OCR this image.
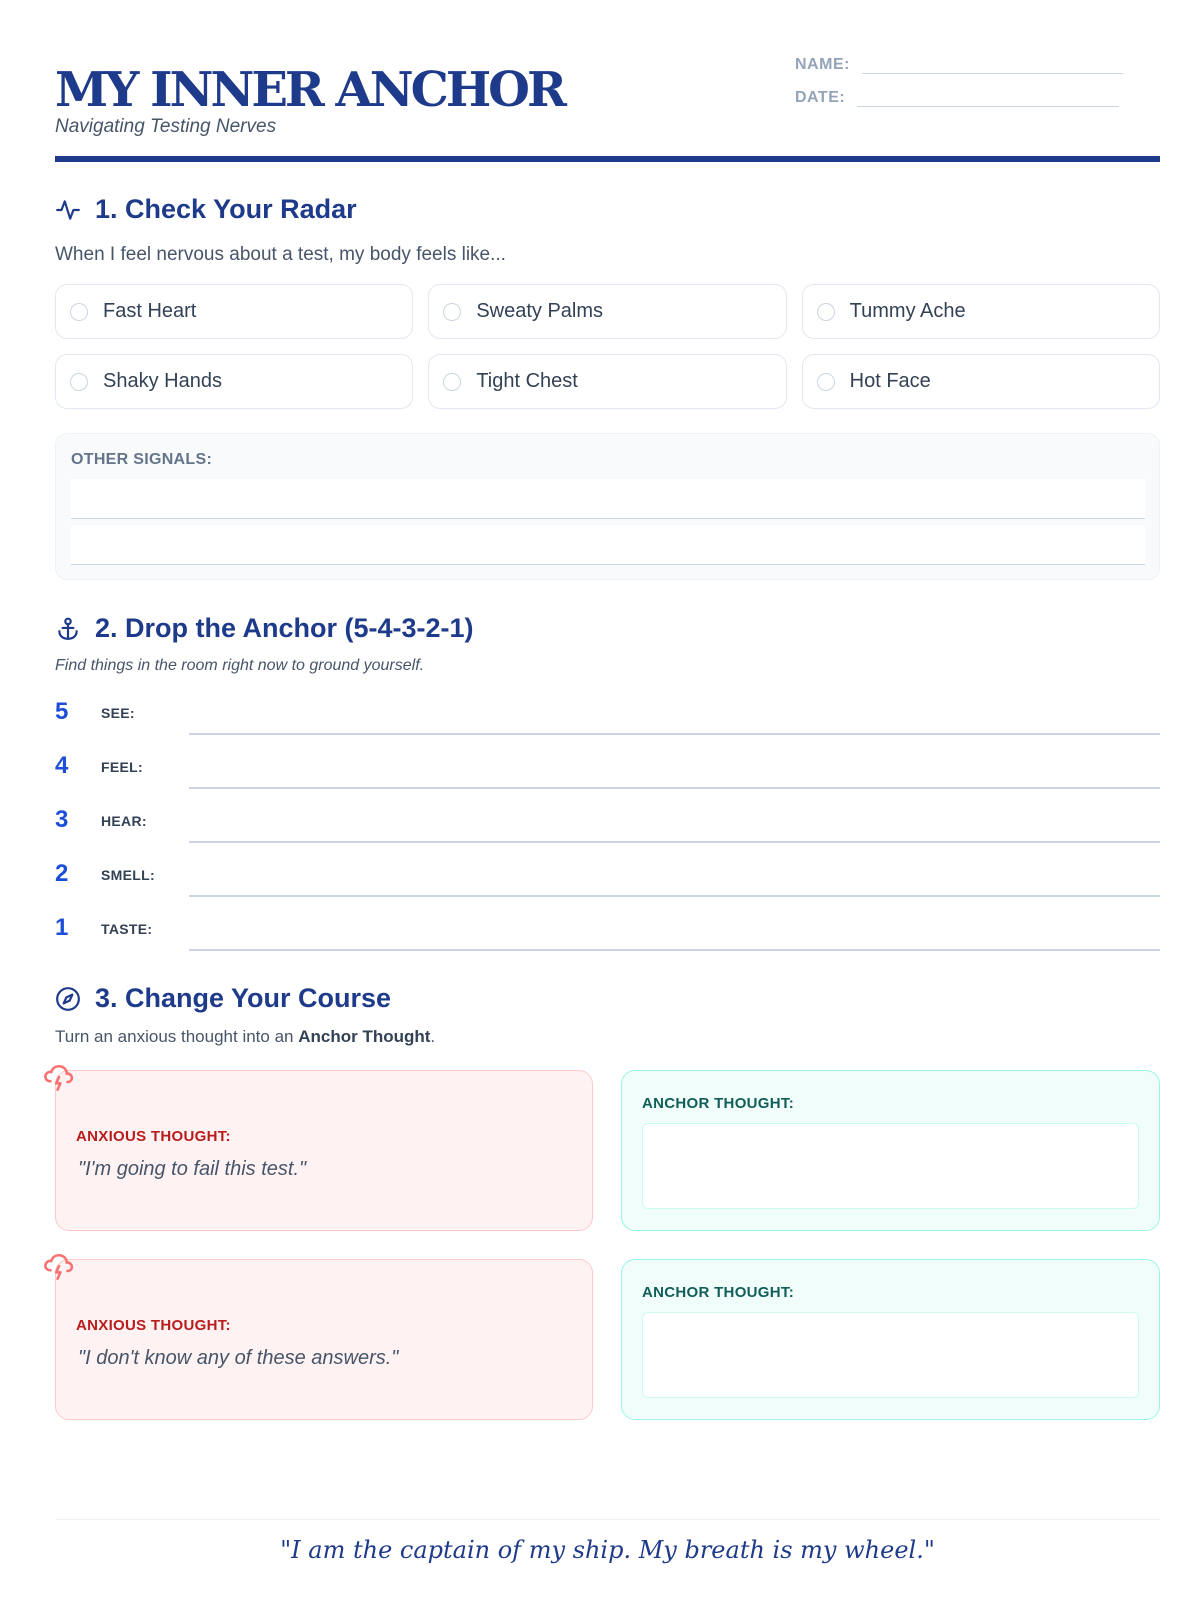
MY INNER ANCHOR
Navigating Testing Nerves
NAME:
DATE:
1. Check Your Radar
When I feel nervous about a test, my body feels like...
Fast Heart	Sweaty Palms	Tummy Ache
Shaky Hands	Tight Chest	Hot Face
OTHER SIGNALS:
2. Drop the Anchor (5-4-3-2-1)
Find things in the room right now to ground yourself.
5 SEE:
4 FEEL:
3 HEAR:
2 SMELL:
1 TASTE:
3. Change Your Course
Turn an anxious thought into an Anchor Thought.
ANXIOUS THOUGHT:
"I'm going to fail this test."
ANCHOR THOUGHT:
ANXIOUS THOUGHT:
"I don't know any of these answers."
ANCHOR THOUGHT:
"I am the captain of my ship. My breath is my wheel."
